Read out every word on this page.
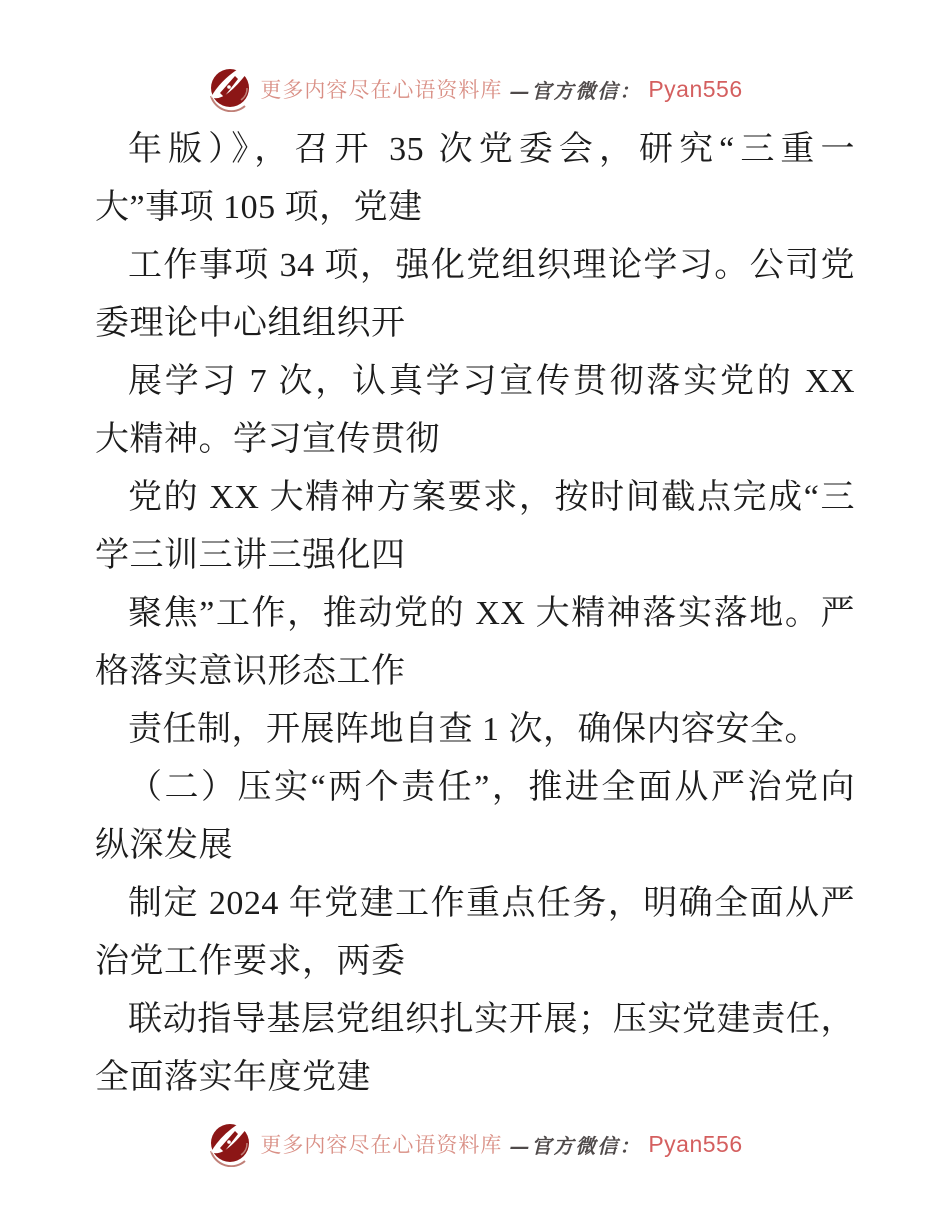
更多内容尽在心语资料库 —官方微信： Pyan556
年版）》，召开 35 次党委会，研究“三重一
大”事项 105 项，党建
工作事项 34 项，强化党组织理论学习。公司党
委理论中心组组织开
展学习 7 次，认真学习宣传贯彻落实党的 XX
大精神。学习宣传贯彻
党的 XX 大精神方案要求，按时间截点完成“三
学三训三讲三强化四
聚焦”工作，推动党的 XX 大精神落实落地。严
格落实意识形态工作
责任制，开展阵地自查 1 次，确保内容安全。
（二）压实“两个责任”，推进全面从严治党向
纵深发展
制定 2024 年党建工作重点任务，明确全面从严
治党工作要求，两委
联动指导基层党组织扎实开展；压实党建责任，
全面落实年度党建
更多内容尽在心语资料库 —官方微信： Pyan556
